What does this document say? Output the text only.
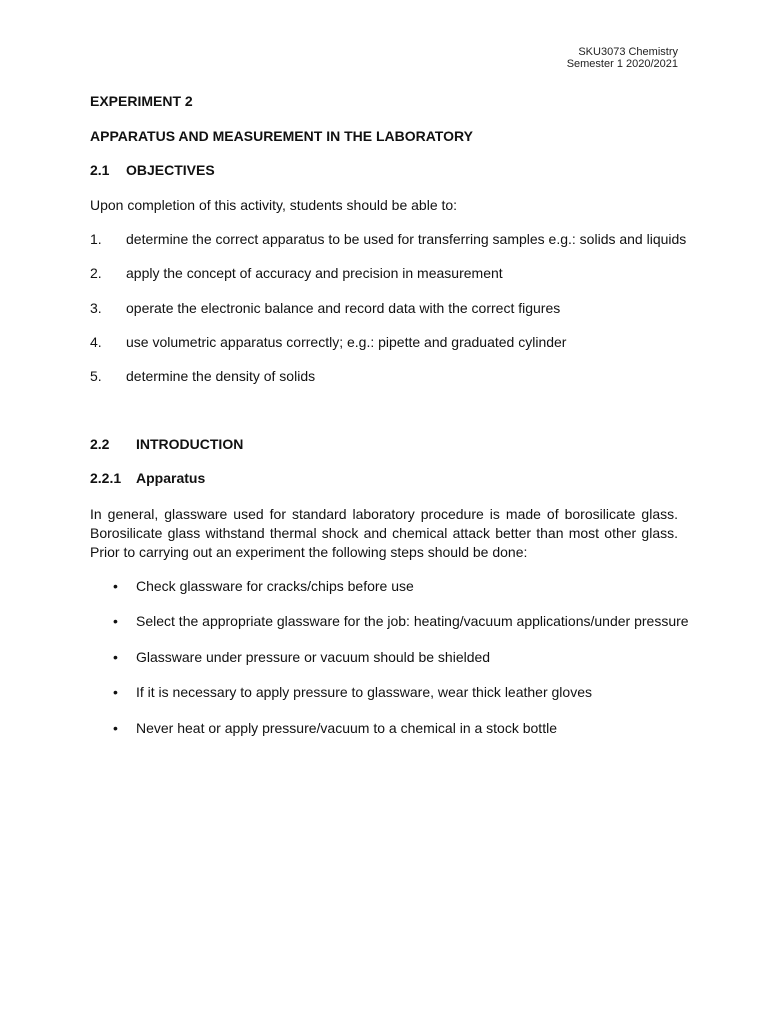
SKU3073 Chemistry
Semester 1 2020/2021
EXPERIMENT 2
APPARATUS AND MEASUREMENT IN THE LABORATORY
2.1 OBJECTIVES
Upon completion of this activity, students should be able to:
1. determine the correct apparatus to be used for transferring samples e.g.: solids and liquids
2. apply the concept of accuracy and precision in measurement
3. operate the electronic balance and record data with the correct figures
4. use volumetric apparatus correctly; e.g.: pipette and graduated cylinder
5. determine the density of solids
2.2 INTRODUCTION
2.2.1 Apparatus
In general, glassware used for standard laboratory procedure is made of borosilicate glass. Borosilicate glass withstand thermal shock and chemical attack better than most other glass. Prior to carrying out an experiment the following steps should be done:
• Check glassware for cracks/chips before use
• Select the appropriate glassware for the job: heating/vacuum applications/under pressure
• Glassware under pressure or vacuum should be shielded
• If it is necessary to apply pressure to glassware, wear thick leather gloves
• Never heat or apply pressure/vacuum to a chemical in a stock bottle
